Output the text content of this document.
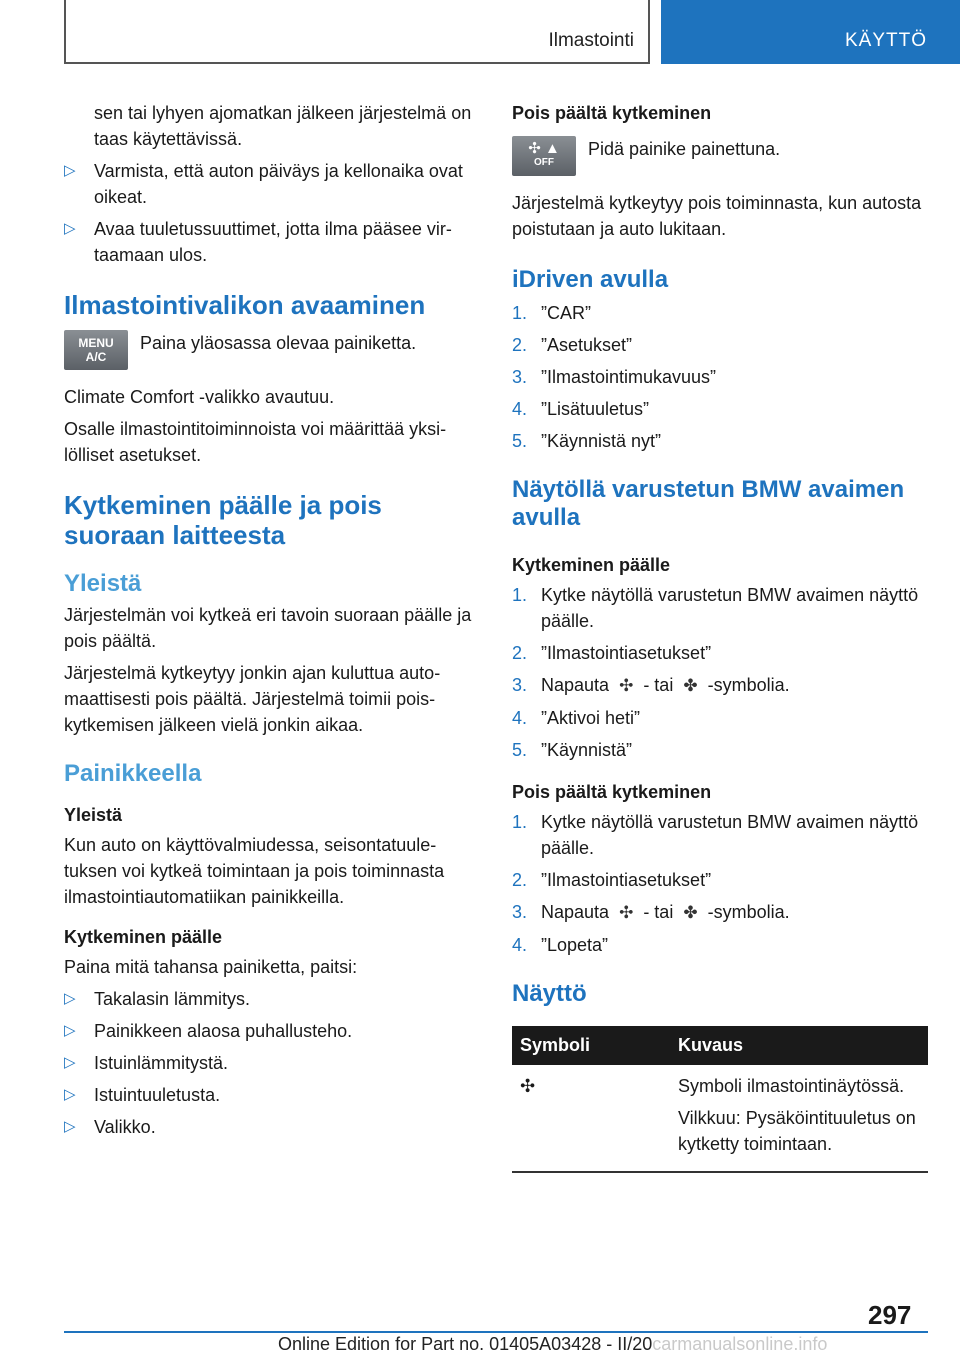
Ilmastointi	KÄYTTÖ

sen tai lyhyen ajomatkan jälkeen järjestelmä on taas käytettävissä.

▷ Varmista, että auton päiväys ja kellonaika ovat oikeat.
▷ Avaa tuuletussuuttimet, jotta ilma pääsee virtaamaan ulos.
Ilmastointivalikon avaaminen
MENU
A/C

Paina yläosassa olevaa painiketta.

Climate Comfort -valikko avautuu.

Osalle ilmastointitoiminnoista voi määrittää yksilölliset asetukset.

Kytkeminen päälle ja pois suoraan laitteesta
Yleistä

Järjestelmän voi kytkeä eri tavoin suoraan päälle ja pois päältä.

Järjestelmä kytkeytyy jonkin ajan kuluttua automaattisesti pois päältä. Järjestelmä toimii poiskytkemisen jälkeen vielä jonkin aikaa.

Painikkeella
Yleistä

Kun auto on käyttövalmiudessa, seisontatuuletuksen voi kytkeä toimintaan ja pois toiminnasta ilmastointiautomatiikan painikkeilla.

Kytkeminen päälle

Paina mitä tahansa painiketta, paitsi:

▷ Takalasin lämmitys.
▷ Painikkeen alaosa puhallusteho.
▷ Istuinlämmitystä.
▷ Istuintuuletusta.
▷ Valikko.
Pois päältä kytkeminen
✣ ▲
OFF

Pidä painike painettuna.

Järjestelmä kytkeytyy pois toiminnasta, kun autosta poistutaan ja auto lukitaan.

iDriven avulla
1. ”CAR”
2. ”Asetukset”
3. ”Ilmastointimukavuus”
4. ”Lisätuuletus”
5. ”Käynnistä nyt”
Näytöllä varustetun BMW avaimen avulla
Kytkeminen päälle
1. Kytke näytöllä varustetun BMW avaimen näyttö päälle.
2. ”Ilmastointiasetukset”
3. Napauta ✣ - tai ✤ -symbolia.
4. ”Aktivoi heti”
5. ”Käynnistä”
Pois päältä kytkeminen
1. Kytke näytöllä varustetun BMW avaimen näyttö päälle.
2. ”Ilmastointiasetukset”
3. Napauta ✣ - tai ✤ -symbolia.
4. ”Lopeta”
Näyttö
Symboli	Kuvaus
✣	Symboli ilmastointinäytössä.

Vilkkuu: Pysäköintituuletus on kytketty toimintaan.

297
Online Edition for Part no. 01405A03428 - II/20carmanualsonline.info
